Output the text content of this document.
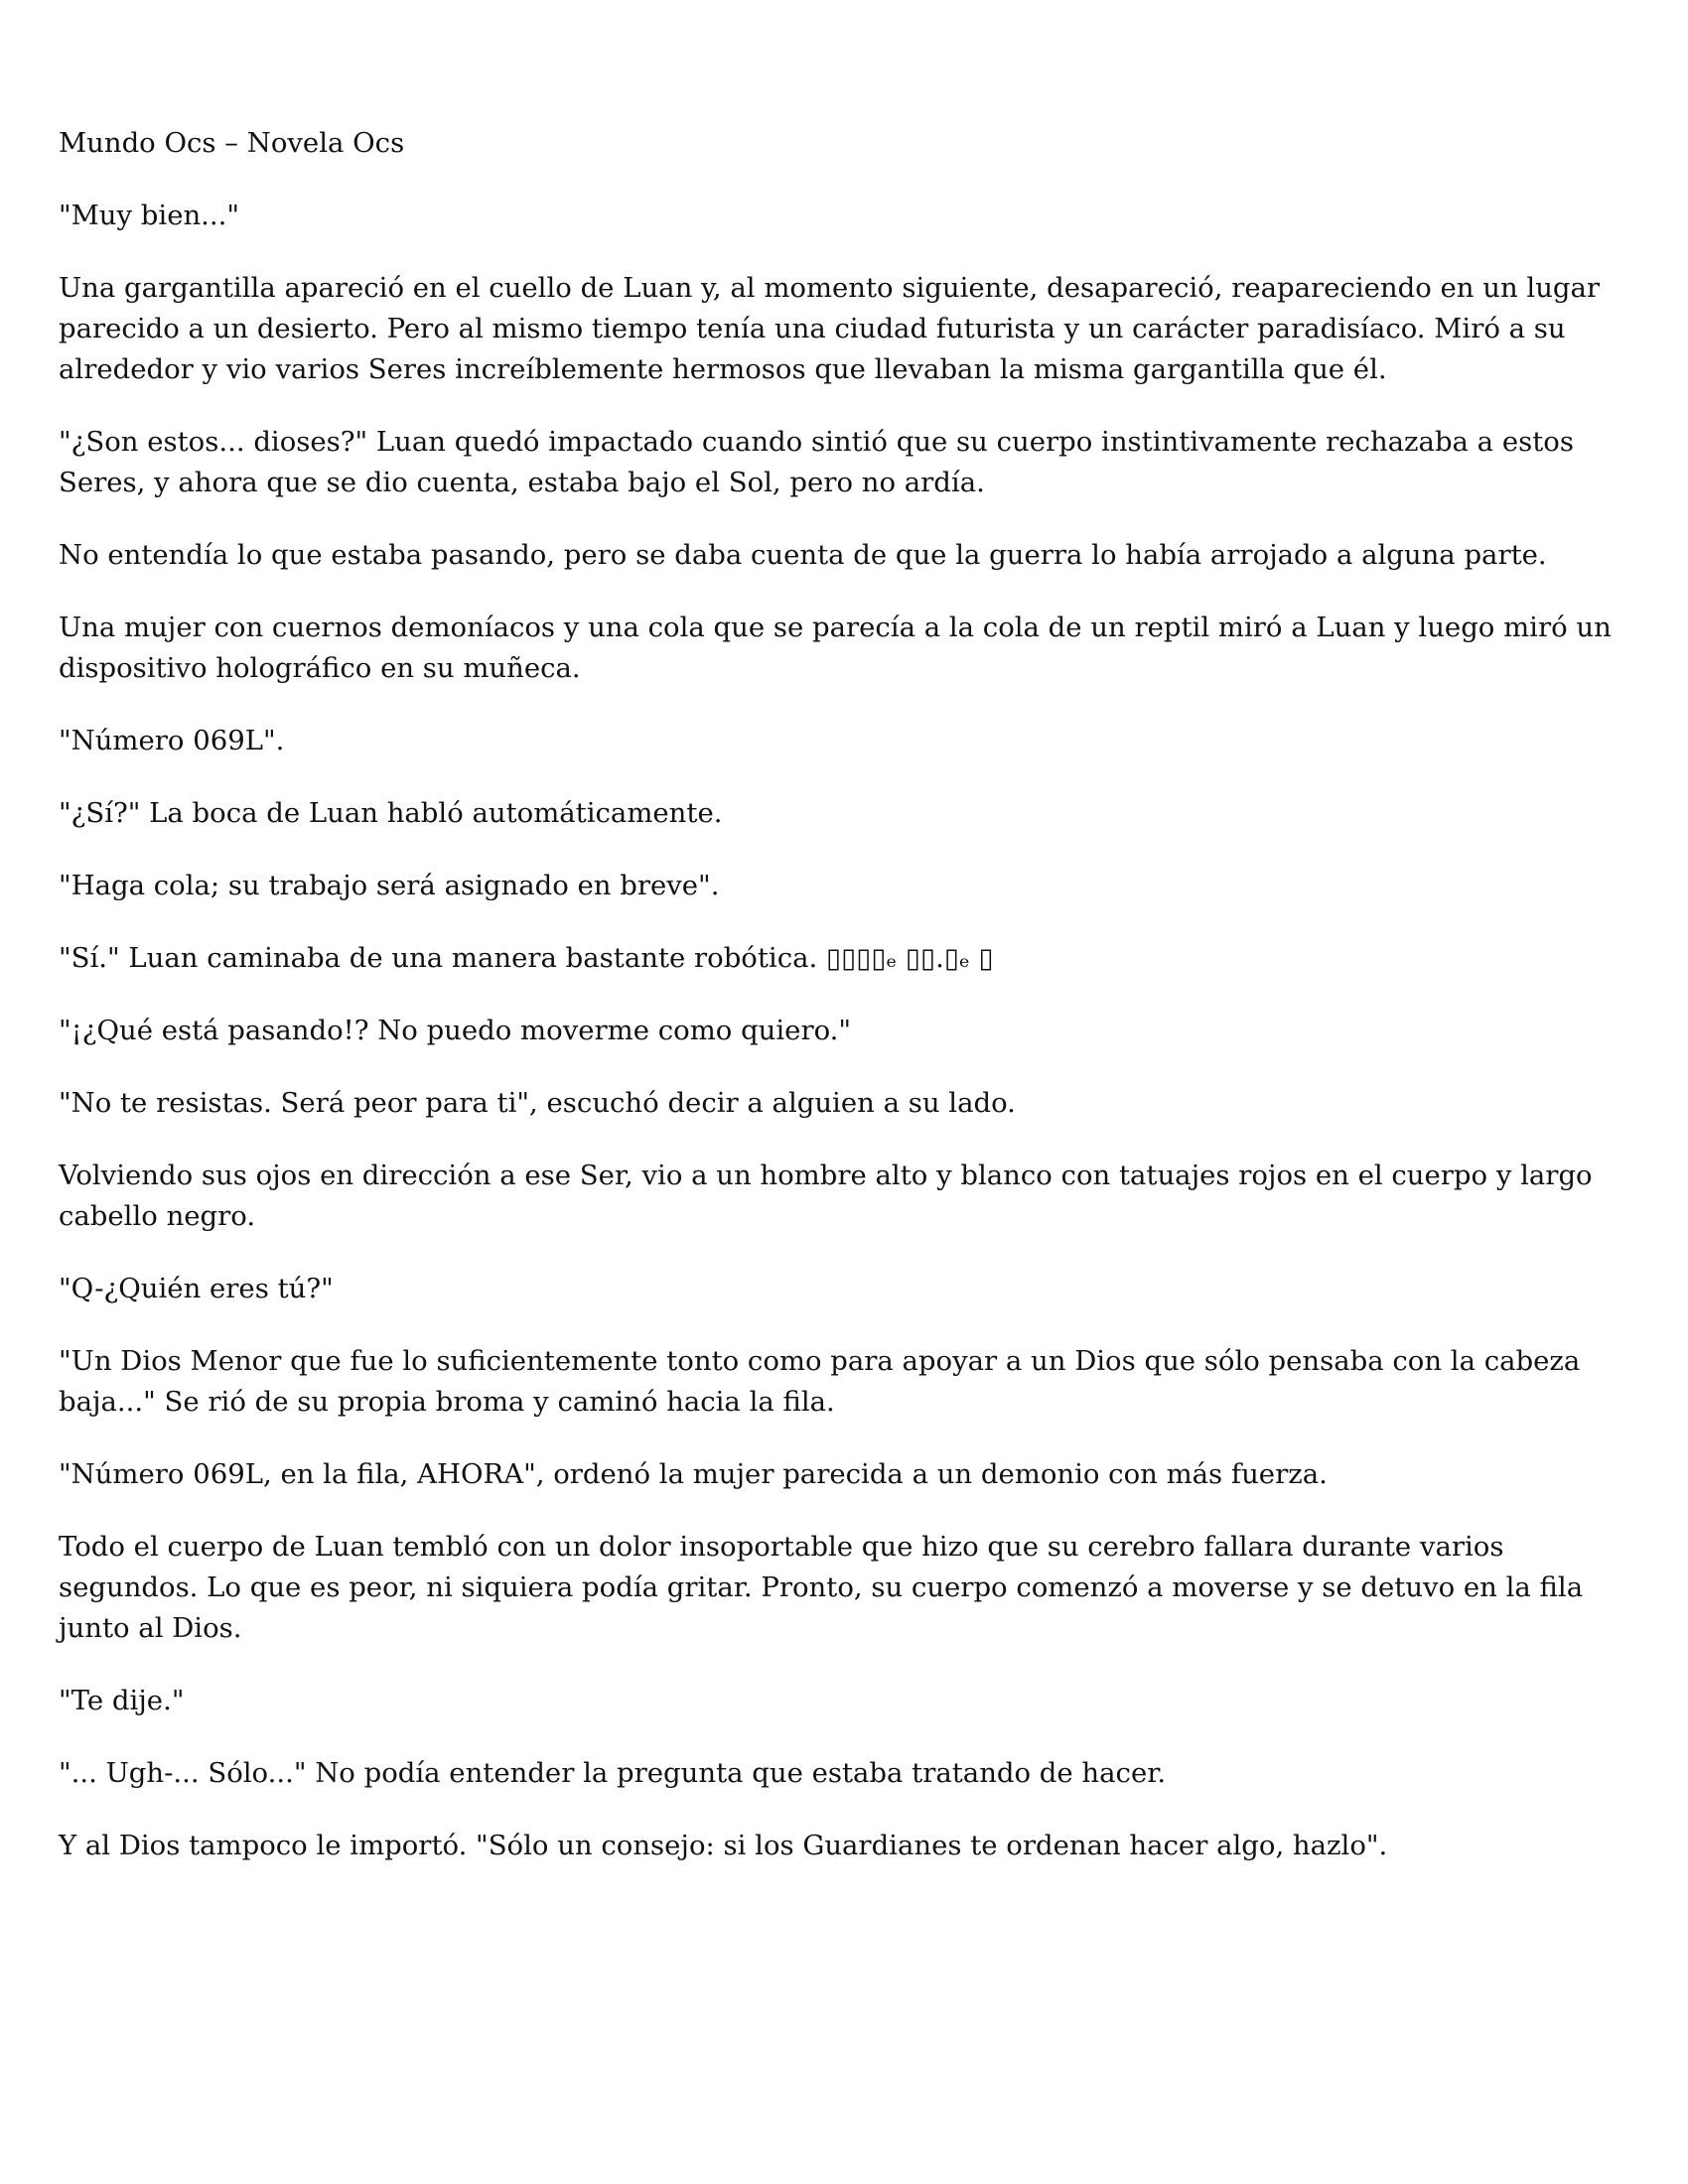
Mundo Ocs – Novela Ocs

"Muy bien..."

Una gargantilla apareció en el cuello de Luan y, al momento siguiente, desapareció, reapareciendo en un lugar parecido a un desierto. Pero al mismo tiempo tenía una ciudad futurista y un carácter paradisíaco. Miró a su alrededor y vio varios Seres increíblemente hermosos que llevaban la misma gargantilla que él.

"¿Son estos... dioses?" Luan quedó impactado cuando sintió que su cuerpo instintivamente rechazaba a estos Seres, y ahora que se dio cuenta, estaba bajo el Sol, pero no ardía.

No entendía lo que estaba pasando, pero se daba cuenta de que la guerra lo había arrojado a alguna parte.

Una mujer con cuernos demoníacos y una cola que se parecía a la cola de un reptil miró a Luan y luego miró un dispositivo holográfico en su muñeca.

"Número 069L".

"¿Sí?" La boca de Luan habló automáticamente.

"Haga cola; su trabajo será asignado en breve".

"Sí." Luan caminaba de una manera bastante robótica. ▯▯▯▯ₑ ▯▯.▯ₑ ▯

"¡¿Qué está pasando!? No puedo moverme como quiero."

"No te resistas. Será peor para ti", escuchó decir a alguien a su lado.

Volviendo sus ojos en dirección a ese Ser, vio a un hombre alto y blanco con tatuajes rojos en el cuerpo y largo cabello negro.

"Q-¿Quién eres tú?"

"Un Dios Menor que fue lo suficientemente tonto como para apoyar a un Dios que sólo pensaba con la cabeza baja..." Se rió de su propia broma y caminó hacia la fila.

"Número 069L, en la fila, AHORA", ordenó la mujer parecida a un demonio con más fuerza.

Todo el cuerpo de Luan tembló con un dolor insoportable que hizo que su cerebro fallara durante varios segundos. Lo que es peor, ni siquiera podía gritar. Pronto, su cuerpo comenzó a moverse y se detuvo en la fila junto al Dios.

"Te dije."

"... Ugh-... Sólo..." No podía entender la pregunta que estaba tratando de hacer.

Y al Dios tampoco le importó. "Sólo un consejo: si los Guardianes te ordenan hacer algo, hazlo".
